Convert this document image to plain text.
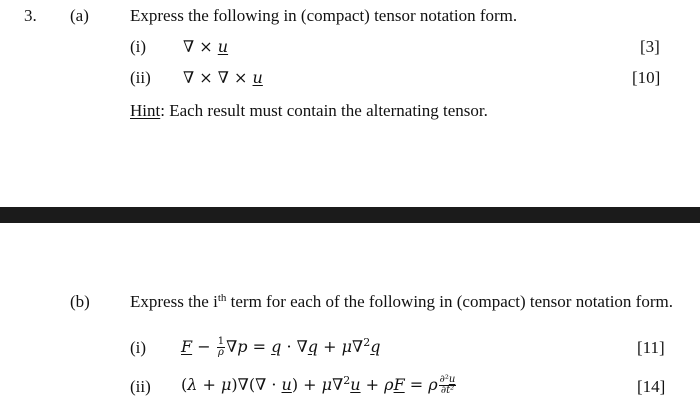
3. (a) Express the following in (compact) tensor notation form.
(i) ∇ × u	[3]
(ii) ∇ × ∇ × u	[10]
Hint: Each result must contain the alternating tensor.
(b) Express the $i^{th}$ term for each of the following in (compact) tensor notation form.
(i) $F - \frac{1}{\rho} \nabla p = q \cdot \nabla q + \mu\nabla^2q$	[11]
(ii) (λ + μ)∇(∇ · u) + μ∇$^2$u + ρF = ρ $\frac{\text{∂²u}}{\text{∂t²}}$	[14]
